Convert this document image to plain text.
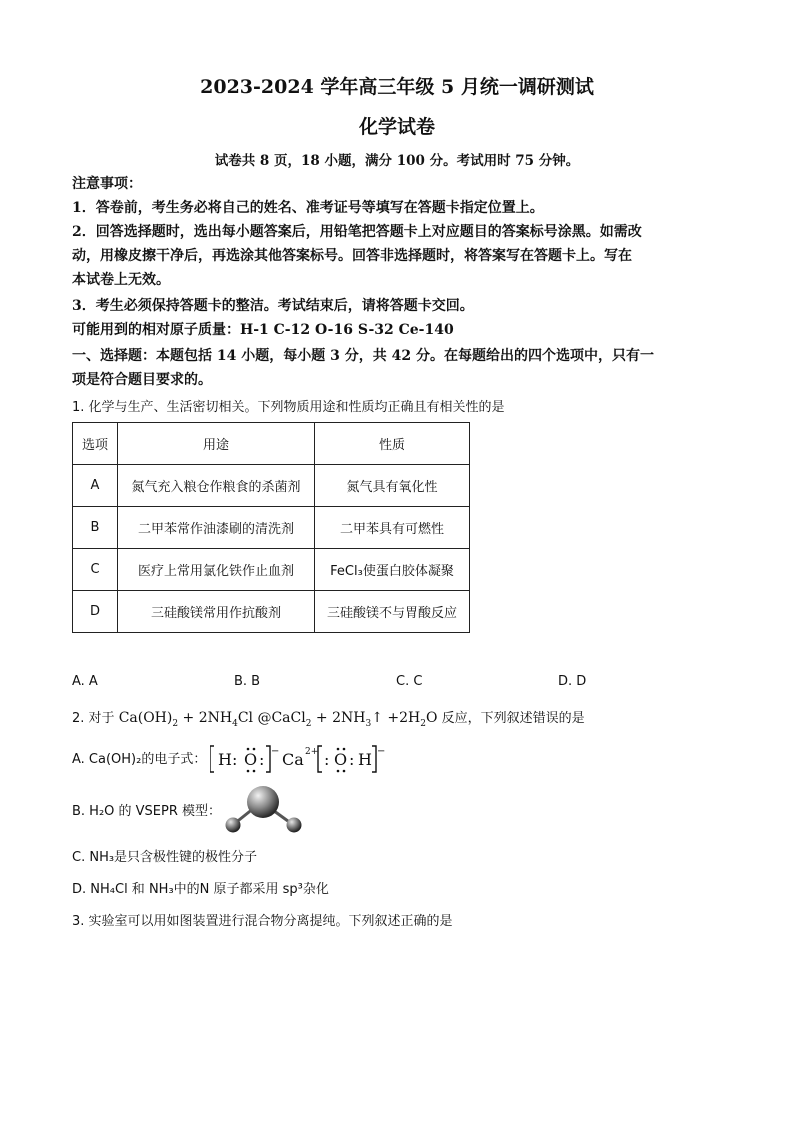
2023-2024 学年高三年级 5 月统一调研测试
化学试卷
试卷共 8 页，18 小题，满分 100 分。考试用时 75 分钟。
注意事项：
1．答卷前，考生务必将自己的姓名、准考证号等填写在答题卡指定位置上。
2．回答选择题时，选出每小题答案后，用铅笔把答题卡上对应题目的答案标号涂黑。如需改
动，用橡皮擦干净后，再选涂其他答案标号。回答非选择题时，将答案写在答题卡上。写在
本试卷上无效。
3．考生必须保持答题卡的整洁。考试结束后，请将答题卡交回。
可能用到的相对原子质量：H-1 C-12 O-16 S-32 Ce-140
一、选择题：本题包括 14 小题，每小题 3 分，共 42 分。在每题给出的四个选项中，只有一
项是符合题目要求的。
1. 化学与生产、生活密切相关。下列物质用途和性质均正确且有相关性的是
选项	用途	性质
A	氮气充入粮仓作粮食的杀菌剂	氮气具有氧化性
B	二甲苯常作油漆刷的清洗剂	二甲苯具有可燃性
C	医疗上常用氯化铁作止血剂	FeCl₃使蛋白胶体凝聚
D	三硅酸镁常用作抗酸剂	三硅酸镁不与胃酸反应
A. A	B. B	C. C	D. D
2. 对于 $Ca(OH)_2 + 2NH_4Cl$ @CaCl$_2$ + $2NH_3↑ +2H_2O$ 反应，下列叙述错误的是
A. Ca(OH)₂的电子式： H : O : − Ca 2+ : O : H −
B. H₂O 的 VSEPR 模型：
C. NH₃是只含极性键的极性分子
D. NH₄Cl 和 NH₃中的N 原子都采用 sp³杂化
3. 实验室可以用如图装置进行混合物分离提纯。下列叙述正确的是
